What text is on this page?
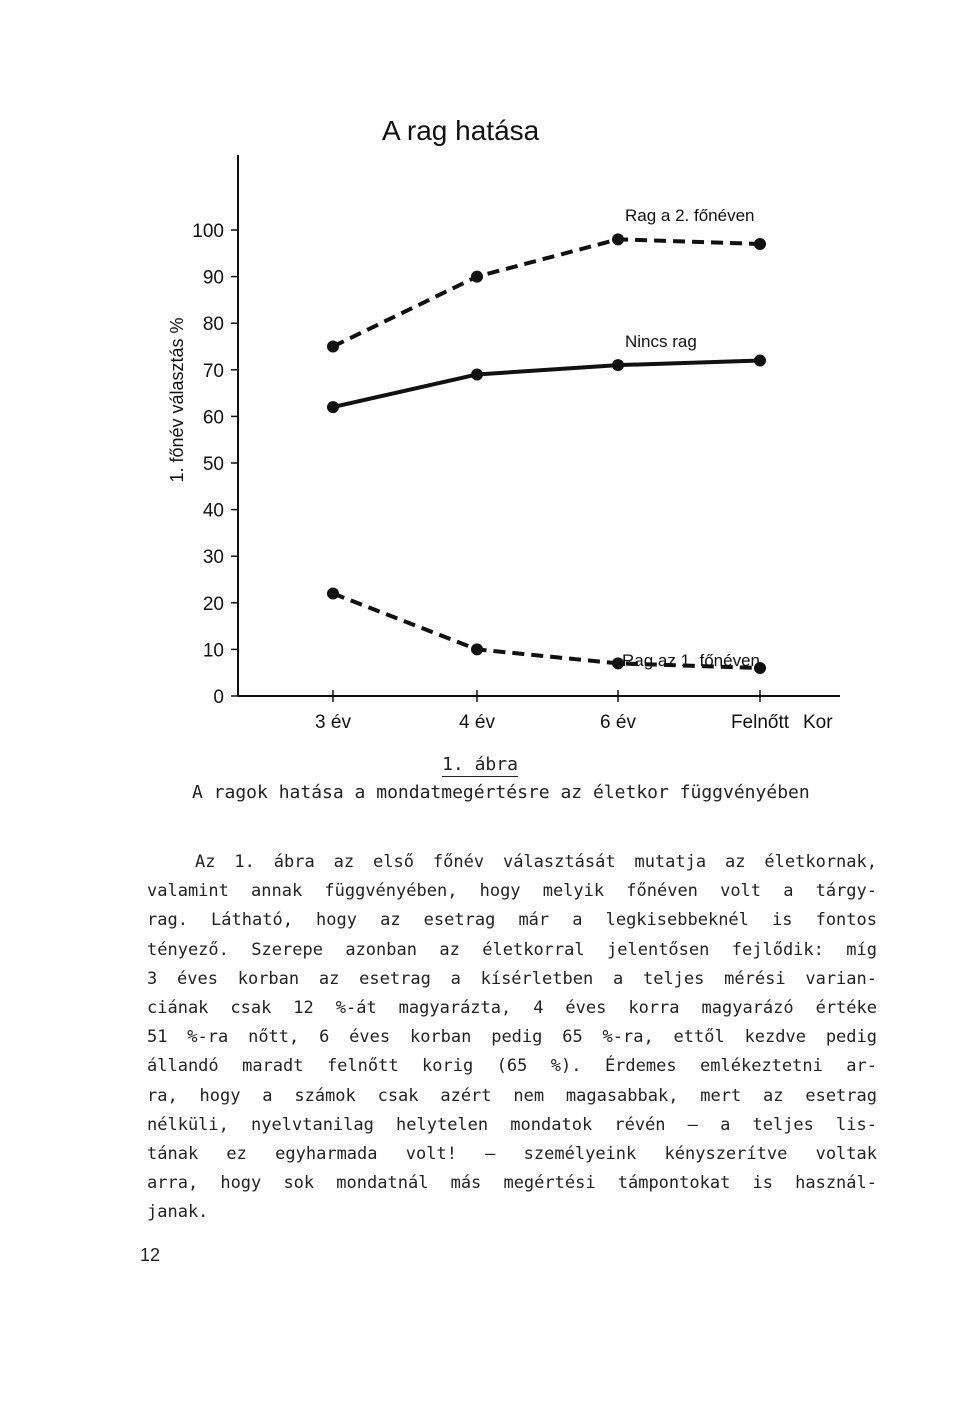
A rag hatása
0
10
20
30
40
50
60
70
80
90
100
3 év	4 év	6 év	Felnőtt
Rag a 2. főnéven
Nincs rag
Rag az 1. főnéven
Kor
1. főnév választás %
1. ábra
A ragok hatása a mondatmegértésre az életkor függvényében
Az 1. ábra az első főnév választását mutatja az életkornak,
valamint annak függvényében, hogy melyik főnéven volt a tárgy-
rag. Látható, hogy az esetrag már a legkisebbeknél is fontos
tényező. Szerepe azonban az életkorral jelentősen fejlődik: míg
3 éves korban az esetrag a kísérletben a teljes mérési varian-
ciának csak 12 %-át magyarázta, 4 éves korra magyarázó értéke
51 %-ra nőtt, 6 éves korban pedig 65 %-ra, ettől kezdve pedig
állandó maradt felnőtt korig (65 %). Érdemes emlékeztetni ar-
ra, hogy a számok csak azért nem magasabbak, mert az esetrag
nélküli, nyelvtanilag helytelen mondatok révén — a teljes lis-
tának ez egyharmada volt! — személyeink kényszerítve voltak
arra, hogy sok mondatnál más megértési támpontokat is használ-
janak.
12
